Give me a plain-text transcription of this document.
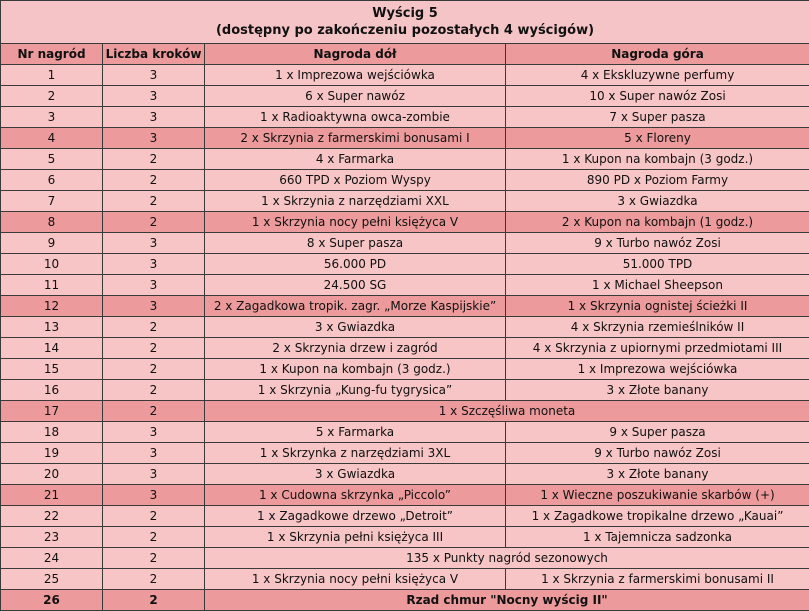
Wyścig 5
(dostępny po zakończeniu pozostałych 4 wyścigów)			

Nr nagród	Liczba kroków	Nagroda dół	Nagroda góra
1	3	1 x Imprezowa wejściówka	4 x Ekskluzywne perfumy
2	3	6 x Super nawóz	10 x Super nawóz Zosi
3	3	1 x Radioaktywna owca-zombie	7 x Super pasza
4	3	2 x Skrzynia z farmerskimi bonusami I	5 x Floreny
5	2	4 x Farmarka	1 x Kupon na kombajn (3 godz.)
6	2	660 TPD x Poziom Wyspy	890 PD x Poziom Farmy
7	2	1 x Skrzynia z narzędziami XXL	3 x Gwiazdka
8	2	1 x Skrzynia nocy pełni księżyca V	2 x Kupon na kombajn (1 godz.)
9	3	8 x Super pasza	9 x Turbo nawóz Zosi
10	3	56.000 PD	51.000 TPD
11	3	24.500 SG	1 x Michael Sheepson
12	3	2 x Zagadkowa tropik. zagr. „Morze Kaspijskie”	1 x Skrzynia ognistej ścieżki II
13	2	3 x Gwiazdka	4 x Skrzynia rzemieślników II
14	2	2 x Skrzynia drzew i zagród	4 x Skrzynia z upiornymi przedmiotami III
15	2	1 x Kupon na kombajn (3 godz.)	1 x Imprezowa wejściówka
16	2	1 x Skrzynia „Kung-fu tygrysica”	3 x Złote banany
17	2	1 x Szczęśliwa moneta	
18	3	5 x Farmarka	9 x Super pasza
19	3	1 x Skrzynka z narzędziami 3XL	9 x Turbo nawóz Zosi
20	3	3 x Gwiazdka	3 x Złote banany
21	3	1 x Cudowna skrzynka „Piccolo”	1 x Wieczne poszukiwanie skarbów (+)
22	2	1 x Zagadkowe drzewo „Detroit”	1 x Zagadkowe tropikalne drzewo „Kauai”
23	2	1 x Skrzynia pełni księżyca III	1 x Tajemnicza sadzonka
24	2	135 x Punkty nagród sezonowych	
25	2	1 x Skrzynia nocy pełni księżyca V	1 x Skrzynia z farmerskimi bonusami II
26	2	Rzad chmur "Nocny wyścig II"	
